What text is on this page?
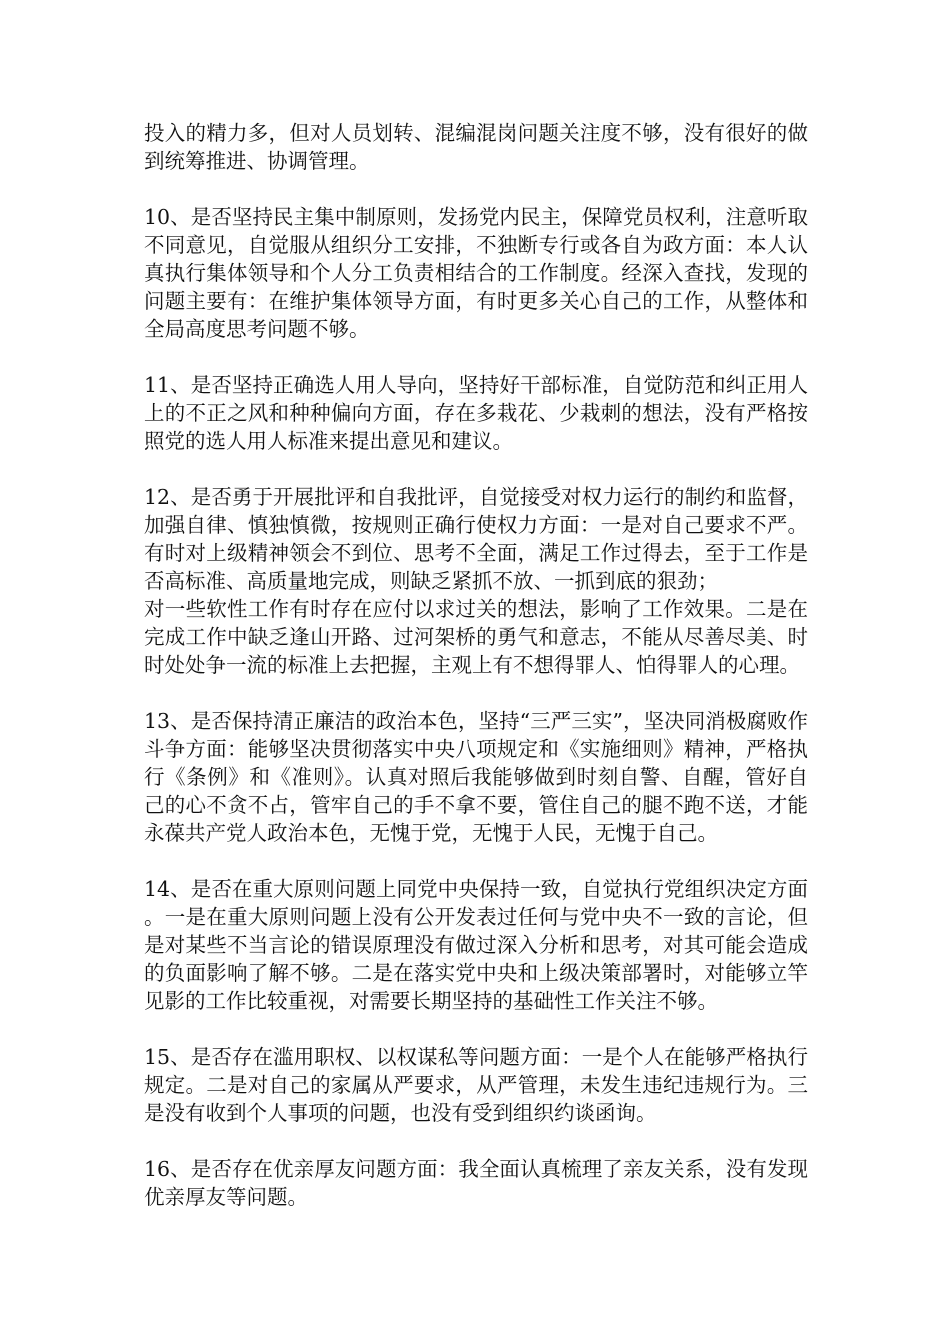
投入的精力多，但对人员划转、混编混岗问题关注度不够，没有很好的做到统筹推进、协调管理。

10、是否坚持民主集中制原则，发扬党内民主，保障党员权利，注意听取不同意见，自觉服从组织分工安排，不独断专行或各自为政方面：本人认真执行集体领导和个人分工负责相结合的工作制度。经深入查找，发现的问题主要有：在维护集体领导方面，有时更多关心自己的工作，从整体和全局高度思考问题不够。

11、是否坚持正确选人用人导向，坚持好干部标准，自觉防范和纠正用人上的不正之风和种种偏向方面，存在多栽花、少栽刺的想法，没有严格按照党的选人用人标准来提出意见和建议。

12、是否勇于开展批评和自我批评，自觉接受对权力运行的制约和监督，加强自律、慎独慎微，按规则正确行使权力方面：一是对自己要求不严。有时对上级精神领会不到位、思考不全面，满足工作过得去，至于工作是否高标准、高质量地完成，则缺乏紧抓不放、一抓到底的狠劲；

对一些软性工作有时存在应付以求过关的想法，影响了工作效果。二是在完成工作中缺乏逢山开路、过河架桥的勇气和意志，不能从尽善尽美、时时处处争一流的标准上去把握，主观上有不想得罪人、怕得罪人的心理。

13、是否保持清正廉洁的政治本色，坚持“三严三实”，坚决同消极腐败作斗争方面：能够坚决贯彻落实中央八项规定和《实施细则》精神，严格执行《条例》和《准则》。认真对照后我能够做到时刻自警、自醒，管好自己的心不贪不占，管牢自己的手不拿不要，管住自己的腿不跑不送，才能永葆共产党人政治本色，无愧于党，无愧于人民，无愧于自己。

14、是否在重大原则问题上同党中央保持一致，自觉执行党组织决定方面。一是在重大原则问题上没有公开发表过任何与党中央不一致的言论，但是对某些不当言论的错误原理没有做过深入分析和思考，对其可能会造成的负面影响了解不够。二是在落实党中央和上级决策部署时，对能够立竿见影的工作比较重视，对需要长期坚持的基础性工作关注不够。

15、是否存在滥用职权、以权谋私等问题方面：一是个人在能够严格执行规定。二是对自己的家属从严要求，从严管理，未发生违纪违规行为。三是没有收到个人事项的问题，也没有受到组织约谈函询。

16、是否存在优亲厚友问题方面：我全面认真梳理了亲友关系，没有发现优亲厚友等问题。
